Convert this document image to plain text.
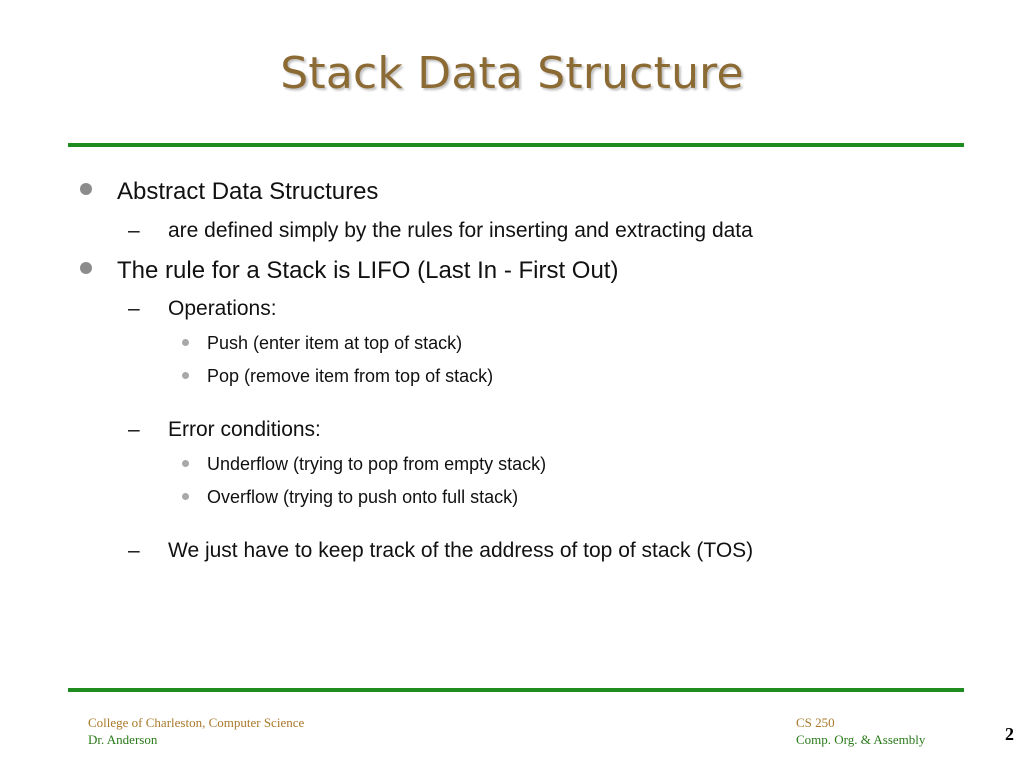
Stack Data Structure
Abstract Data Structures
–	are defined simply by the rules for inserting and extracting data
The rule for a Stack is LIFO (Last In - First Out)
–	Operations:
Push (enter item at top of stack)
Pop (remove item from top of stack)
–	Error conditions:
Underflow (trying to pop from empty stack)
Overflow (trying to push onto full stack)
–	We just have to keep track of the address of top of stack (TOS)
College of Charleston, Computer Science
Dr. Anderson
CS 250
Comp. Org. & Assembly	2
